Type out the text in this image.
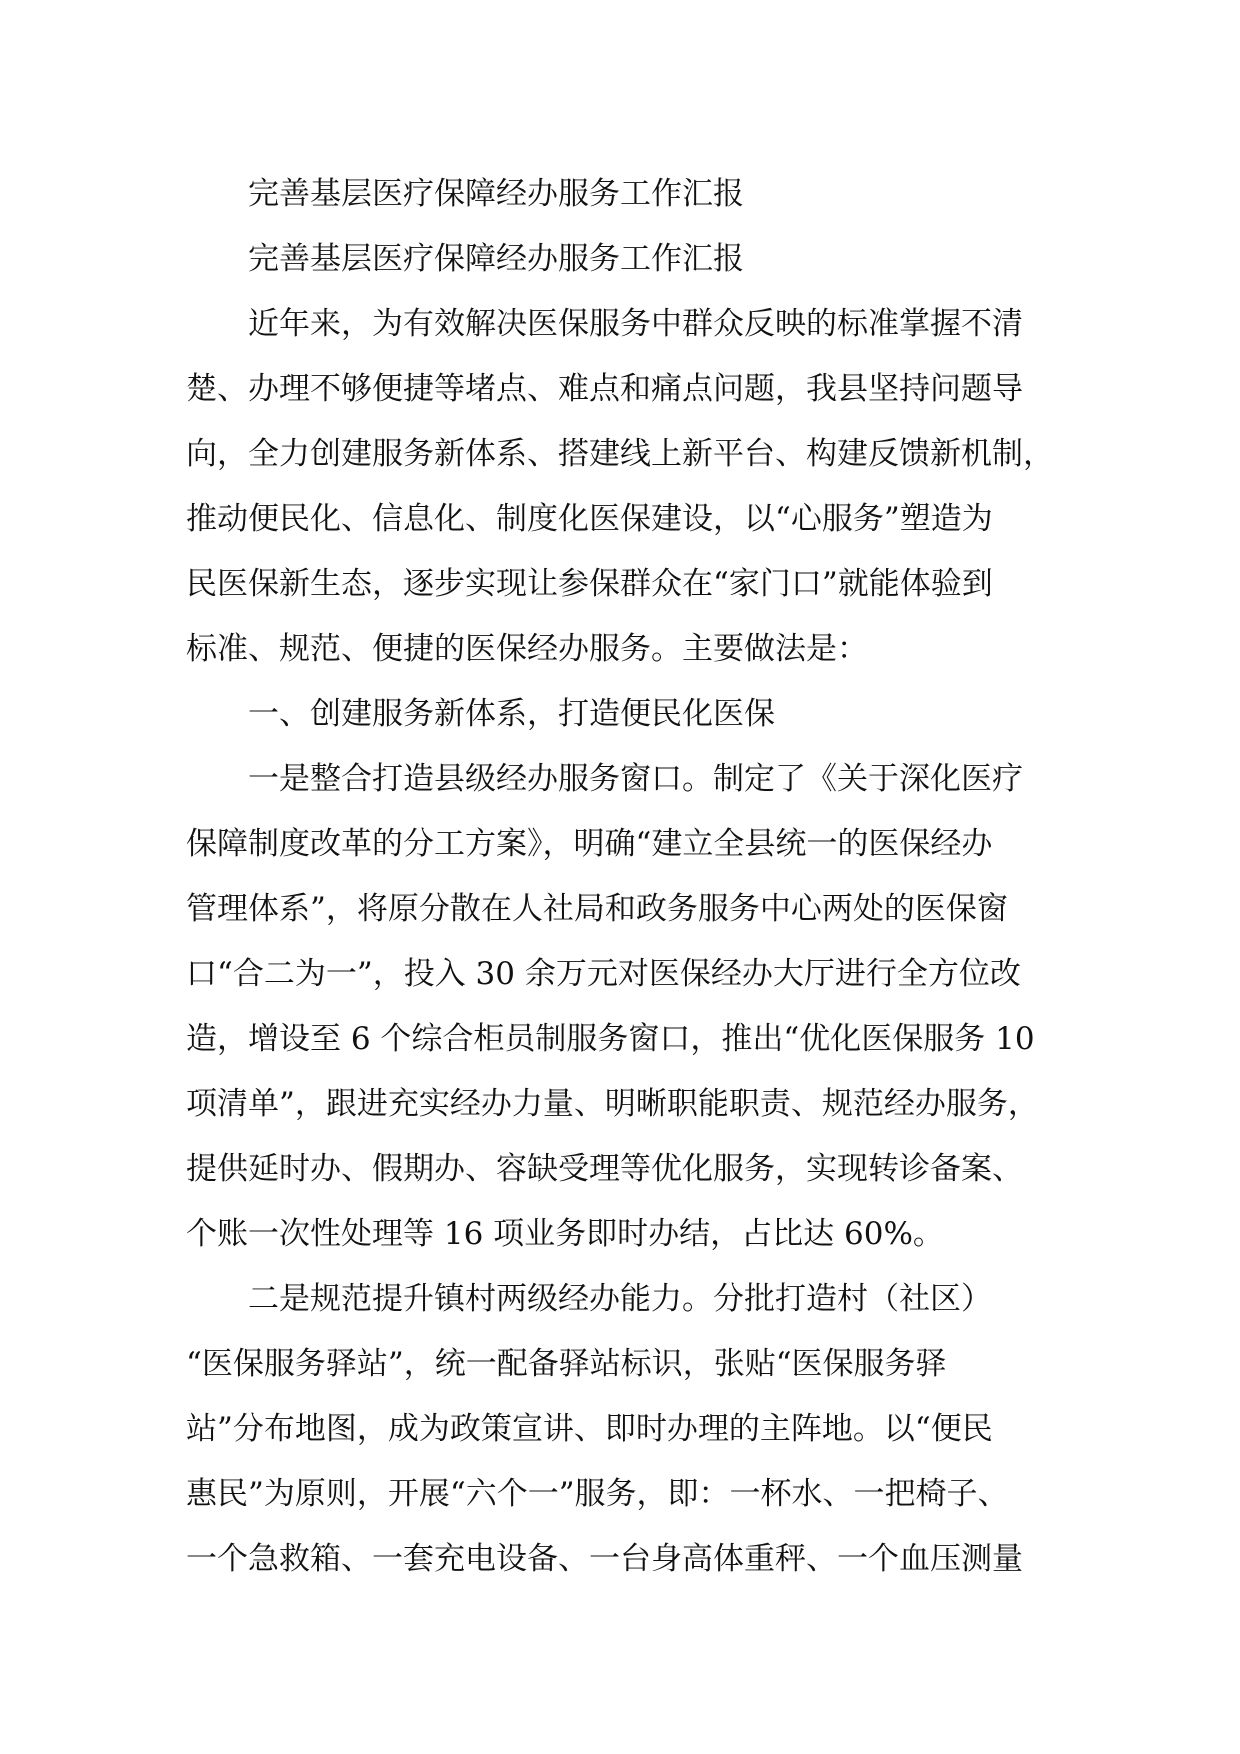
完善基层医疗保障经办服务工作汇报

完善基层医疗保障经办服务工作汇报

近年来，为有效解决医保服务中群众反映的标准掌握不清

楚、办理不够便捷等堵点、难点和痛点问题，我县坚持问题导

向，全力创建服务新体系、搭建线上新平台、构建反馈新机制，

推动便民化、信息化、制度化医保建设，以“心服务”塑造为

民医保新生态，逐步实现让参保群众在“家门口”就能体验到

标准、规范、便捷的医保经办服务。主要做法是：

一、创建服务新体系，打造便民化医保

一是整合打造县级经办服务窗口。制定了《关于深化医疗

保障制度改革的分工方案》，明确“建立全县统一的医保经办

管理体系”，将原分散在人社局和政务服务中心两处的医保窗

口“合二为一”，投入 30 余万元对医保经办大厅进行全方位改

造，增设至 6 个综合柜员制服务窗口，推出“优化医保服务 10

项清单”，跟进充实经办力量、明晰职能职责、规范经办服务，

提供延时办、假期办、容缺受理等优化服务，实现转诊备案、

个账一次性处理等 16 项业务即时办结，占比达 60%。

二是规范提升镇村两级经办能力。分批打造村（社区）

“医保服务驿站”，统一配备驿站标识，张贴“医保服务驿

站”分布地图，成为政策宣讲、即时办理的主阵地。以“便民

惠民”为原则，开展“六个一”服务，即：一杯水、一把椅子、

一个急救箱、一套充电设备、一台身高体重秤、一个血压测量
